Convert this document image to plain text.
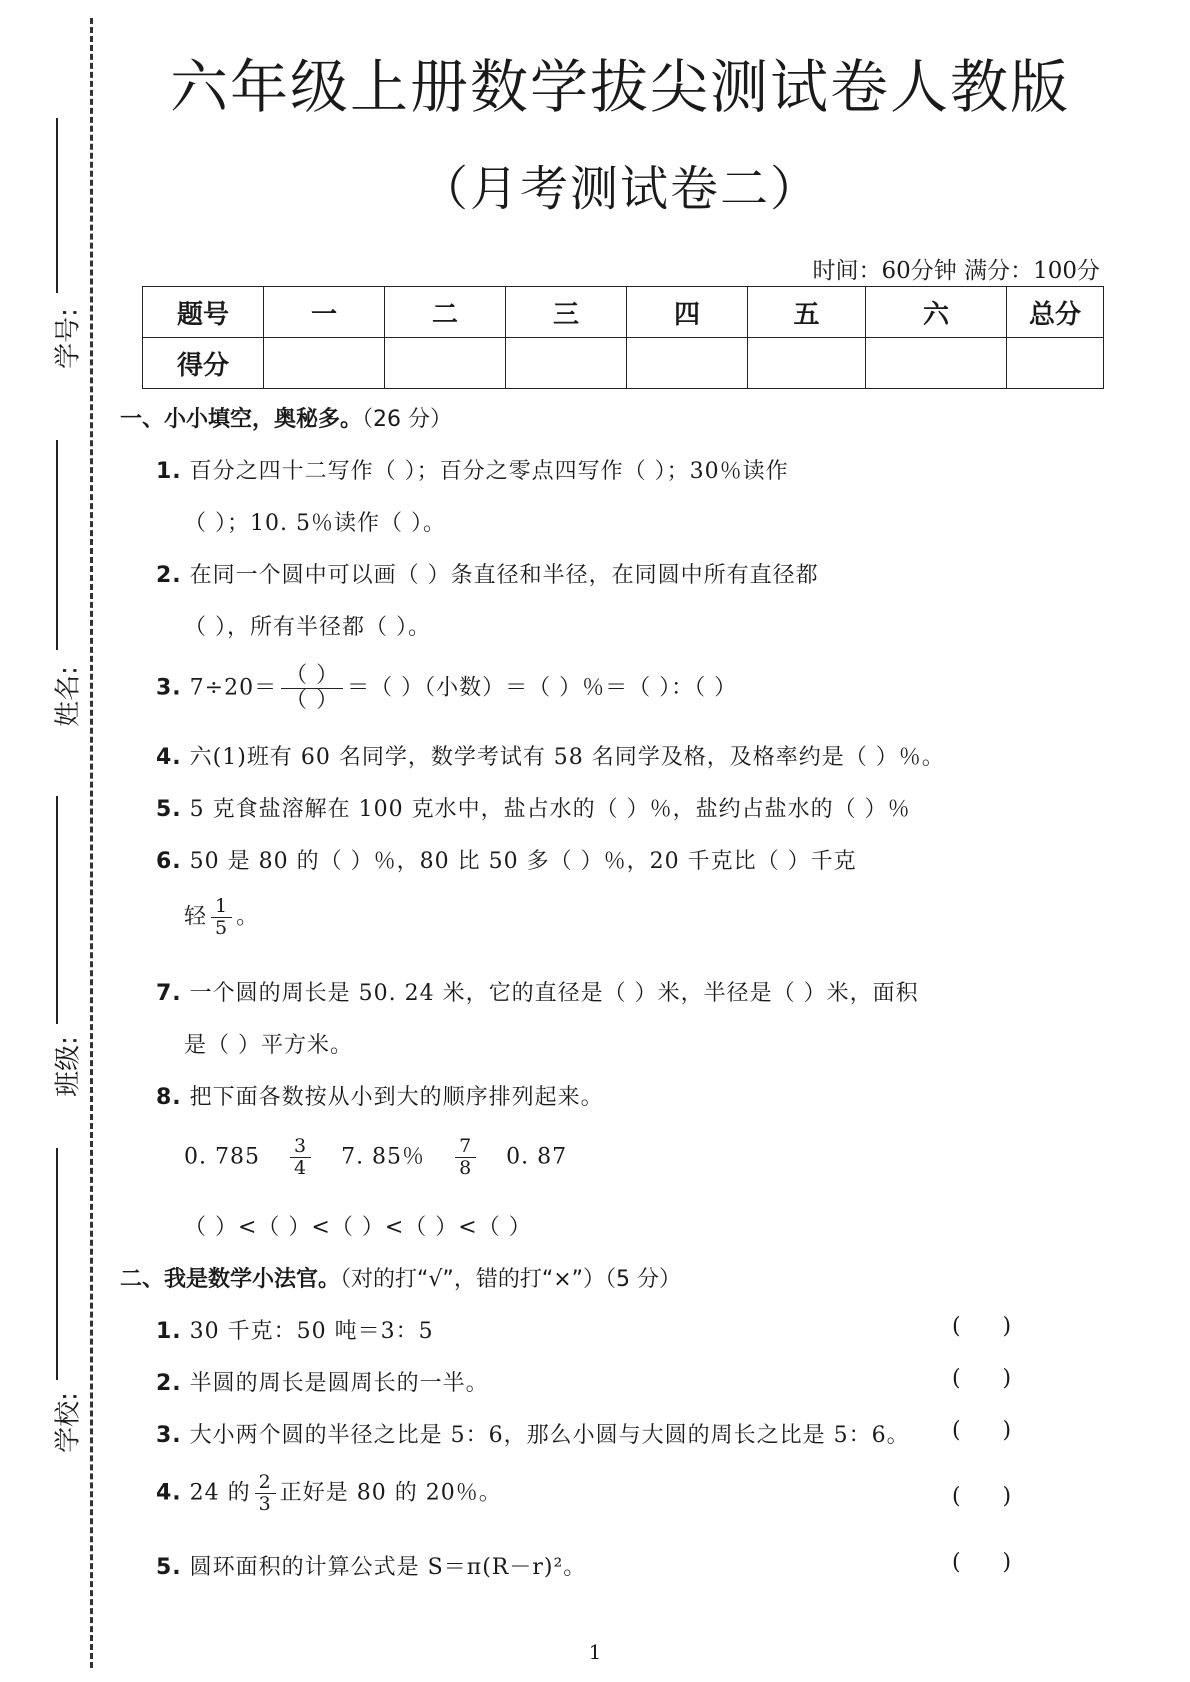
学号:
姓名:
班级:
学校:
六年级上册数学拔尖测试卷人教版
（月考测试卷二）
时间：60分钟 满分：100分
题号	一	二	三	四	五	六	总分
得分							
一、小小填空，奥秘多。（26 分）
1. 百分之四十二写作（ ）；百分之零点四写作（ ）；30％读作
（ ）；10. 5％读作（ ）。
2. 在同一个圆中可以画（ ）条直径和半径，在同圆中所有直径都
（ ），所有半径都（ ）。
3. $7\div 20= \frac{( )}{( )}$ ＝（ ）（小数）＝（ ）％＝（ ）：（ ）
4. 六(1)班有 60 名同学，数学考试有 58 名同学及格，及格率约是（ ）％。
5. 5 克食盐溶解在 100 克水中，盐占水的（ ）％，盐约占盐水的（ ）％
6. 50 是 80 的（ ）％，80 比 50 多（ ）％，20 千克比（ ）千克
轻 $\frac{1}{5}$ 。
7. 一个圆的周长是 50. 24 米，它的直径是（ ）米，半径是（ ）米，面积
是（ ）平方米。
8. 把下面各数按从小到大的顺序排列起来。
0. $785 \frac{3}{4} 7$. 85％ $\frac{7}{8} 0$. 87
（ ）<（ ）<（ ）<（ ）<（ ）
二、我是数学小法官。（对的打“√”，错的打“×”）（5 分）
1. 30 千克：50 吨＝3：5	(      )
2. 半圆的周长是圆周长的一半。	(      )
3. 大小两个圆的半径之比是 5：6，那么小圆与大圆的周长之比是 5：6。 (      )
4. 24 的 $\frac{2}{3}$ 正好是 80 的 20％。	(      )
5. 圆环面积的计算公式是 S＝π(R－r)²。	(      )
1
